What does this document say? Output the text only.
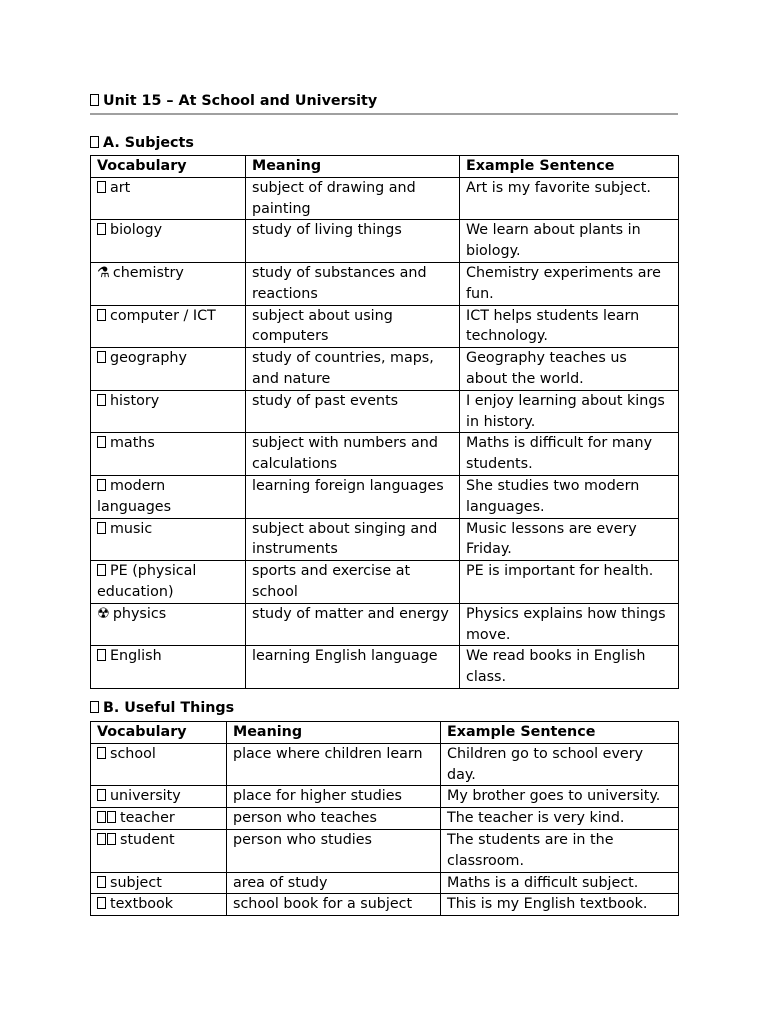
Unit 15 – At School and University
A. Subjects
Vocabulary	Meaning	Example Sentence
art	subject of drawing and painting	Art is my favorite subject.
biology	study of living things	We learn about plants in biology.
⚗ chemistry	study of substances and reactions	Chemistry experiments are fun.
computer / ICT	subject about using computers	ICT helps students learn technology.
geography	study of countries, maps, and nature	Geography teaches us about the world.
history	study of past events	I enjoy learning about kings in history.
maths	subject with numbers and calculations	Maths is difficult for many students.
modern languages	learning foreign languages	She studies two modern languages.
music	subject about singing and instruments	Music lessons are every Friday.
PE (physical education)	sports and exercise at school	PE is important for health.
☢ physics	study of matter and energy	Physics explains how things move.
English	learning English language	We read books in English class.
B. Useful Things
Vocabulary	Meaning	Example Sentence
school	place where children learn	Children go to school every day.
university	place for higher studies	My brother goes to university.
teacher	person who teaches	The teacher is very kind.
student	person who studies	The students are in the classroom.
subject	area of study	Maths is a difficult subject.
textbook	school book for a subject	This is my English textbook.
